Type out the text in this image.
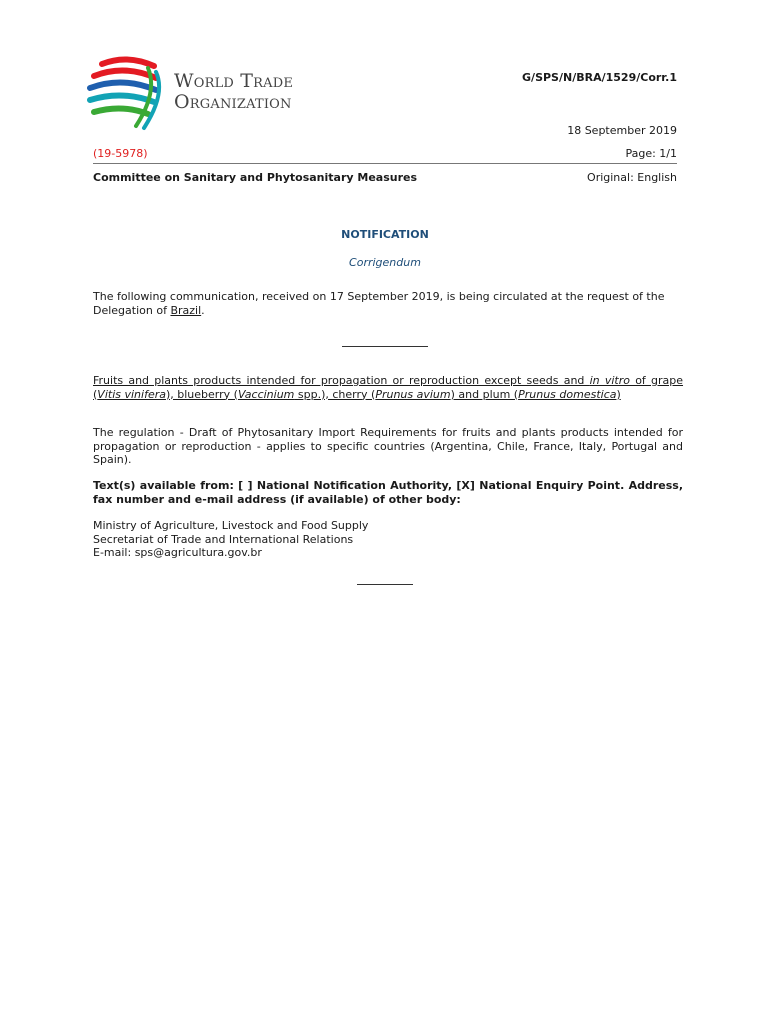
World Trade
Organization
G/SPS/N/BRA/1529/Corr.1
18 September 2019
(19-5978)	Page: 1/1
Committee on Sanitary and Phytosanitary Measures	Original: English
NOTIFICATION
Corrigendum
The following communication, received on 17 September 2019, is being circulated at the request of the Delegation of Brazil.
Fruits and plants products intended for propagation or reproduction except seeds and in vitro of grape (Vitis vinifera), blueberry (Vaccinium spp.), cherry (Prunus avium) and plum (Prunus domestica)
The regulation - Draft of Phytosanitary Import Requirements for fruits and plants products intended for propagation or reproduction - applies to specific countries (Argentina, Chile, France, Italy, Portugal and Spain).
Text(s) available from: [ ] National Notification Authority, [X] National Enquiry Point. Address, fax number and e-mail address (if available) of other body:
Ministry of Agriculture, Livestock and Food Supply
Secretariat of Trade and International Relations
E-mail: sps@agricultura.gov.br
